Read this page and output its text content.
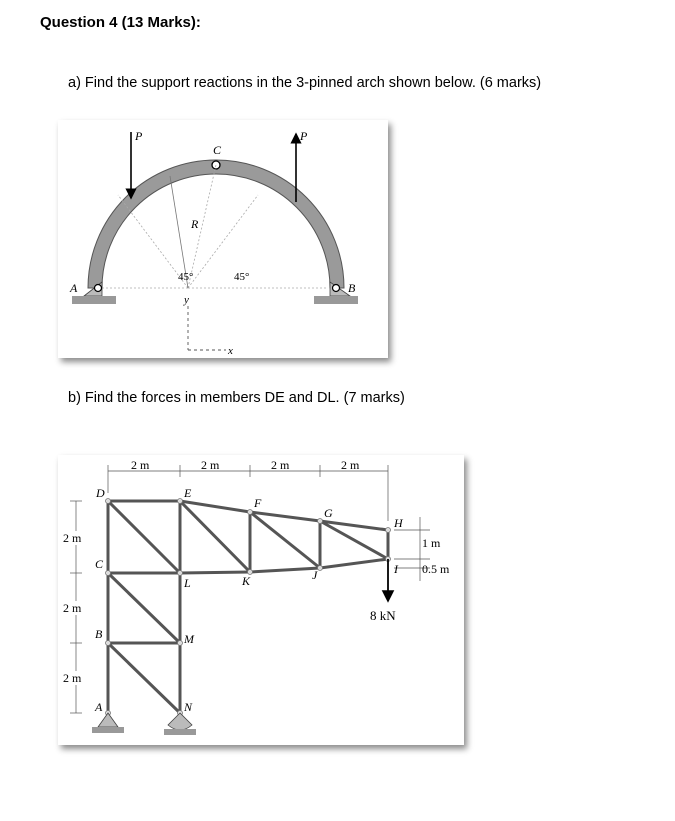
Question 4 (13 Marks):
a) Find the support reactions in the 3-pinned arch shown below. (6 marks)
b) Find the forces in members DE and DL. (7 marks)
C
R
45°	45°
P	P
A	B
y
x
2 m	2 m	2 m	2 m
2 m
2 m
2 m
1 m
0.5 m
8 kN
D	E
F
G
H
C
L	K	J	I
B	M
A	N
